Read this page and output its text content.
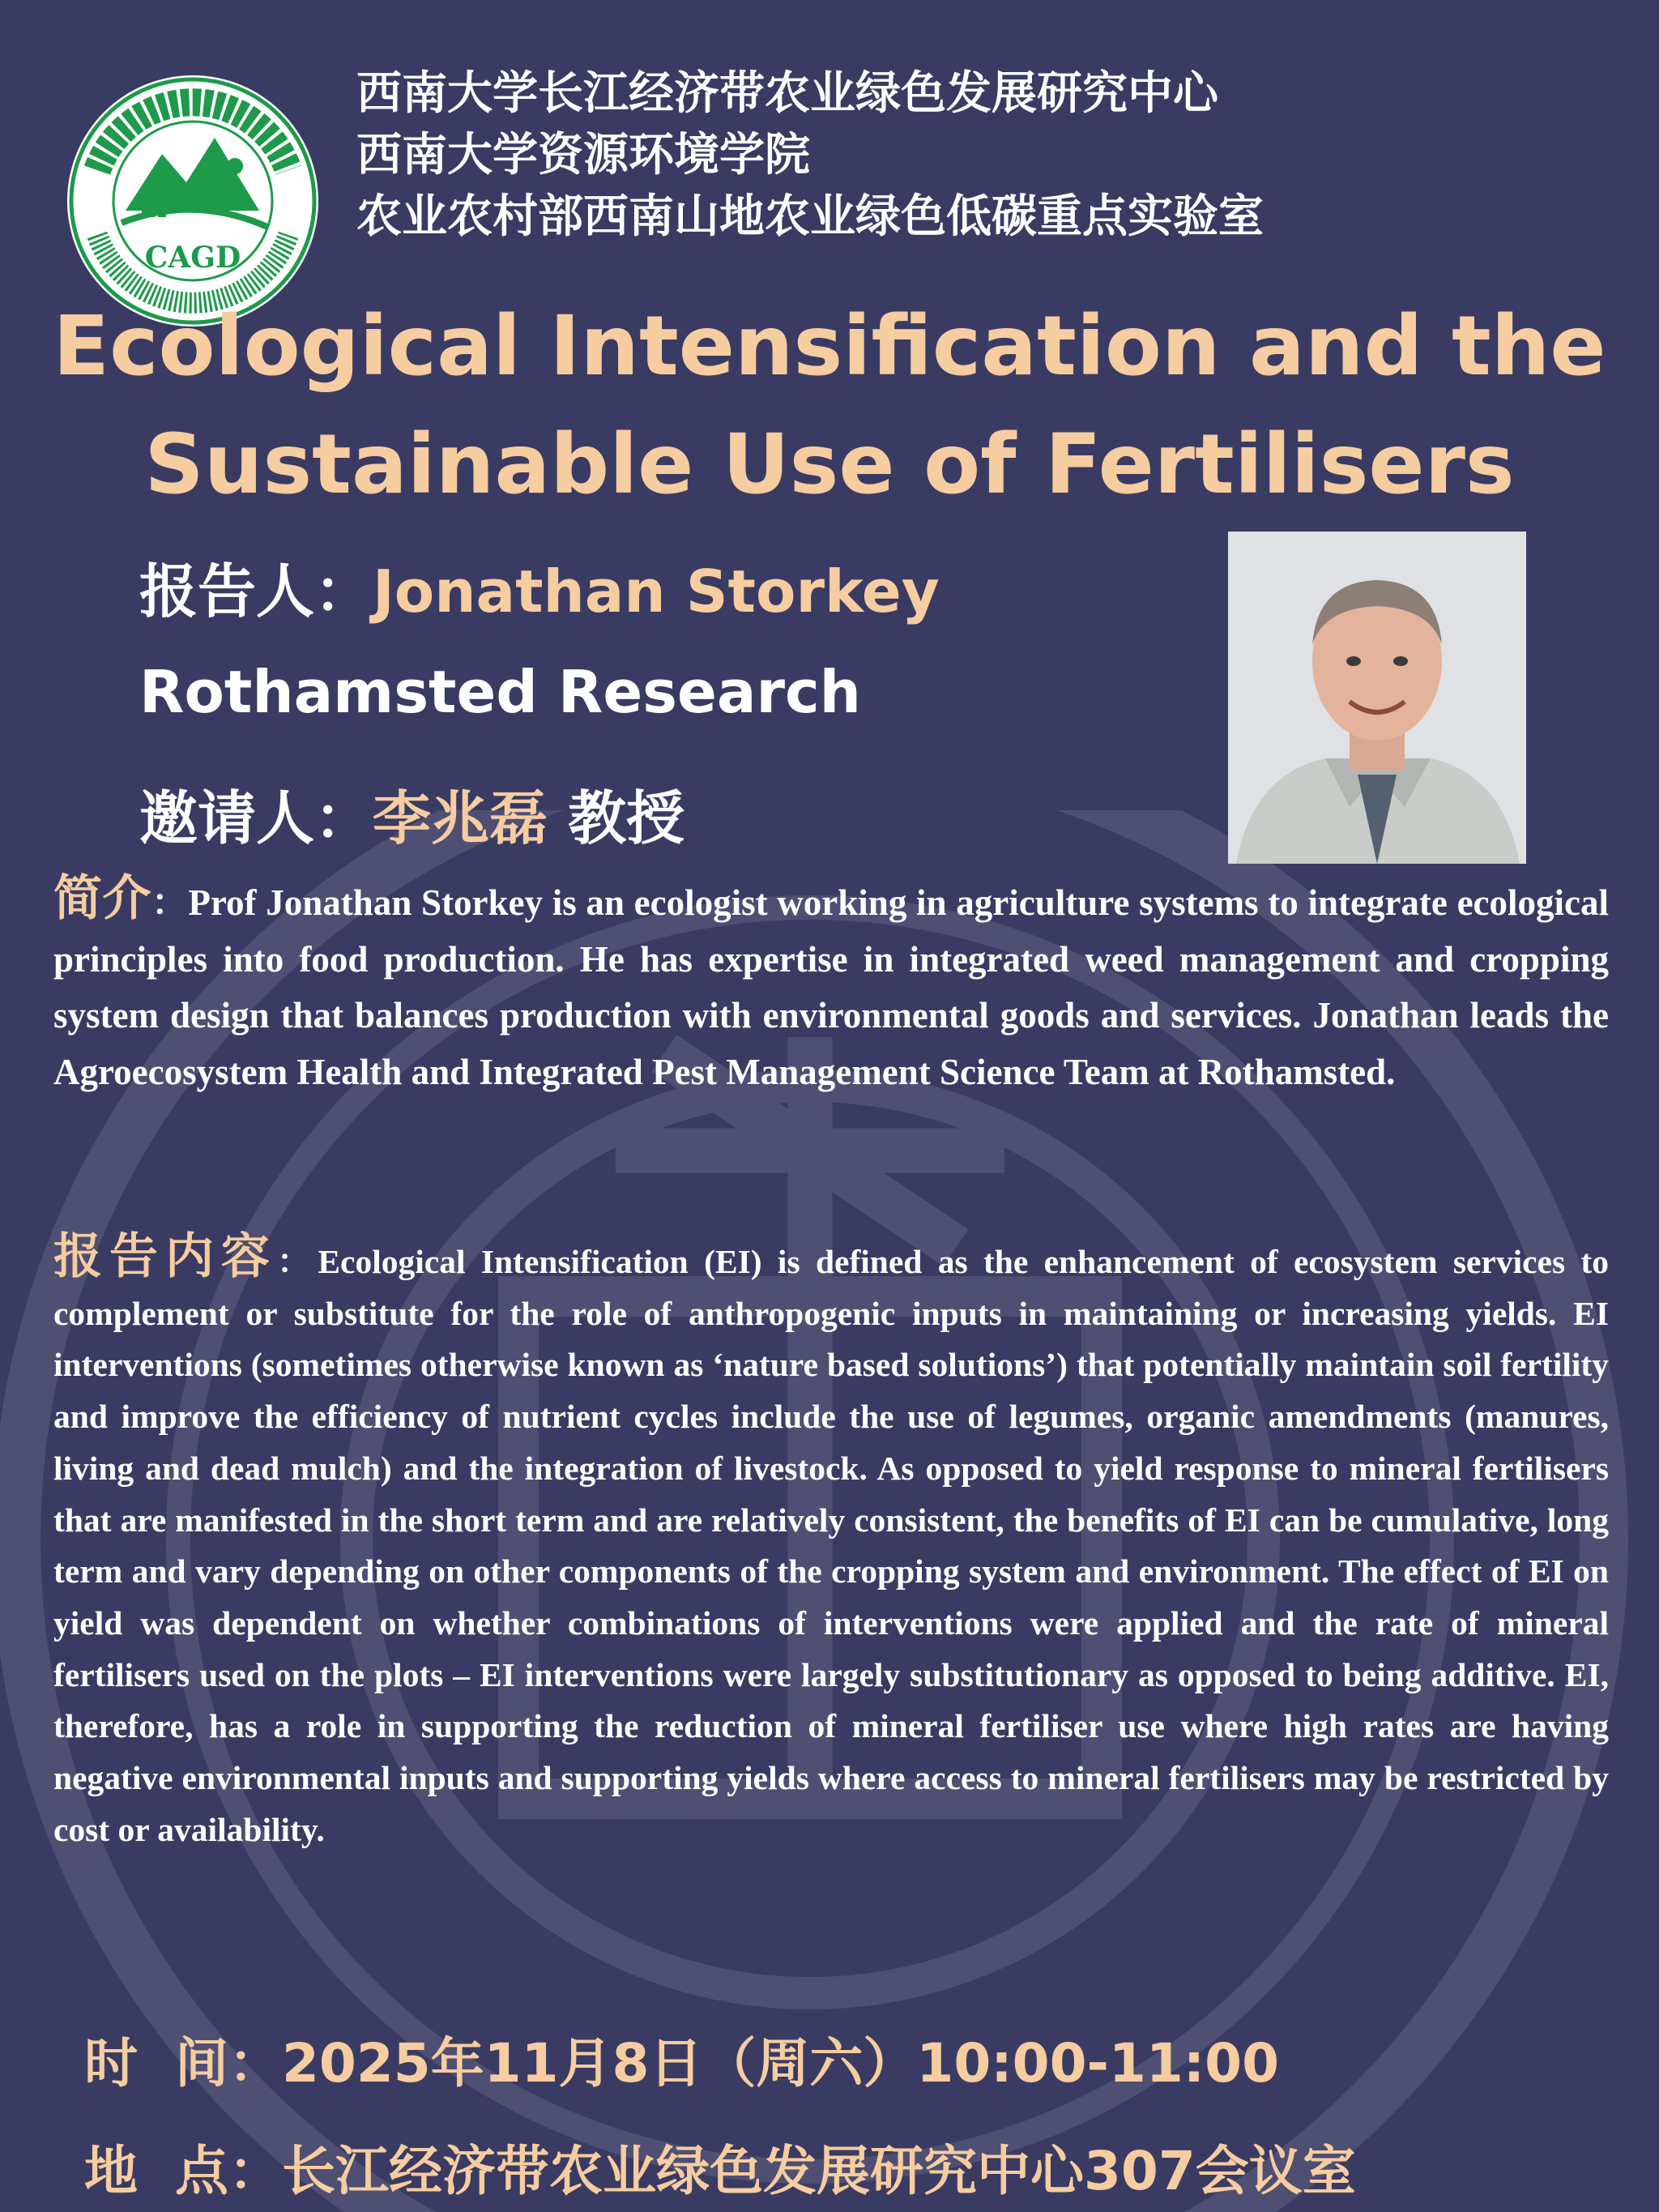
CAGD
西南大学长江经济带农业绿色发展研究中心
西南大学资源环境学院
农业农村部西南山地农业绿色低碳重点实验室
Ecological Intensification and the
Sustainable Use of Fertilisers
报告人：Jonathan Storkey
Rothamsted Research
邀请人：李兆磊 教授
简介：Prof Jonathan Storkey is an ecologist working in agriculture systems to integrate ecological principles into food production. He has expertise in integrated weed management and cropping system design that balances production with environmental goods and services. Jonathan leads the Agroecosystem Health and Integrated Pest Management Science Team at Rothamsted.
报告内容：Ecological Intensification (EI) is defined as the enhancement of ecosystem services to complement or substitute for the role of anthropogenic inputs in maintaining or increasing yields. EI interventions (sometimes otherwise known as ‘nature based solutions’) that potentially maintain soil fertility and improve the efficiency of nutrient cycles include the use of legumes, organic amendments (manures, living and dead mulch) and the integration of livestock. As opposed to yield response to mineral fertilisers that are manifested in the short term and are relatively consistent, the benefits of EI can be cumulative, long term and vary depending on other components of the cropping system and environment. The effect of EI on yield was dependent on whether combinations of interventions were applied and the rate of mineral fertilisers used on the plots – EI interventions were largely substitutionary as opposed to being additive. EI, therefore, has a role in supporting the reduction of mineral fertiliser use where high rates are having negative environmental inputs and supporting yields where access to mineral fertilisers may be restricted by cost or availability.
时  间：2025年11月8日（周六）10:00-11:00
地  点：长江经济带农业绿色发展研究中心307会议室
